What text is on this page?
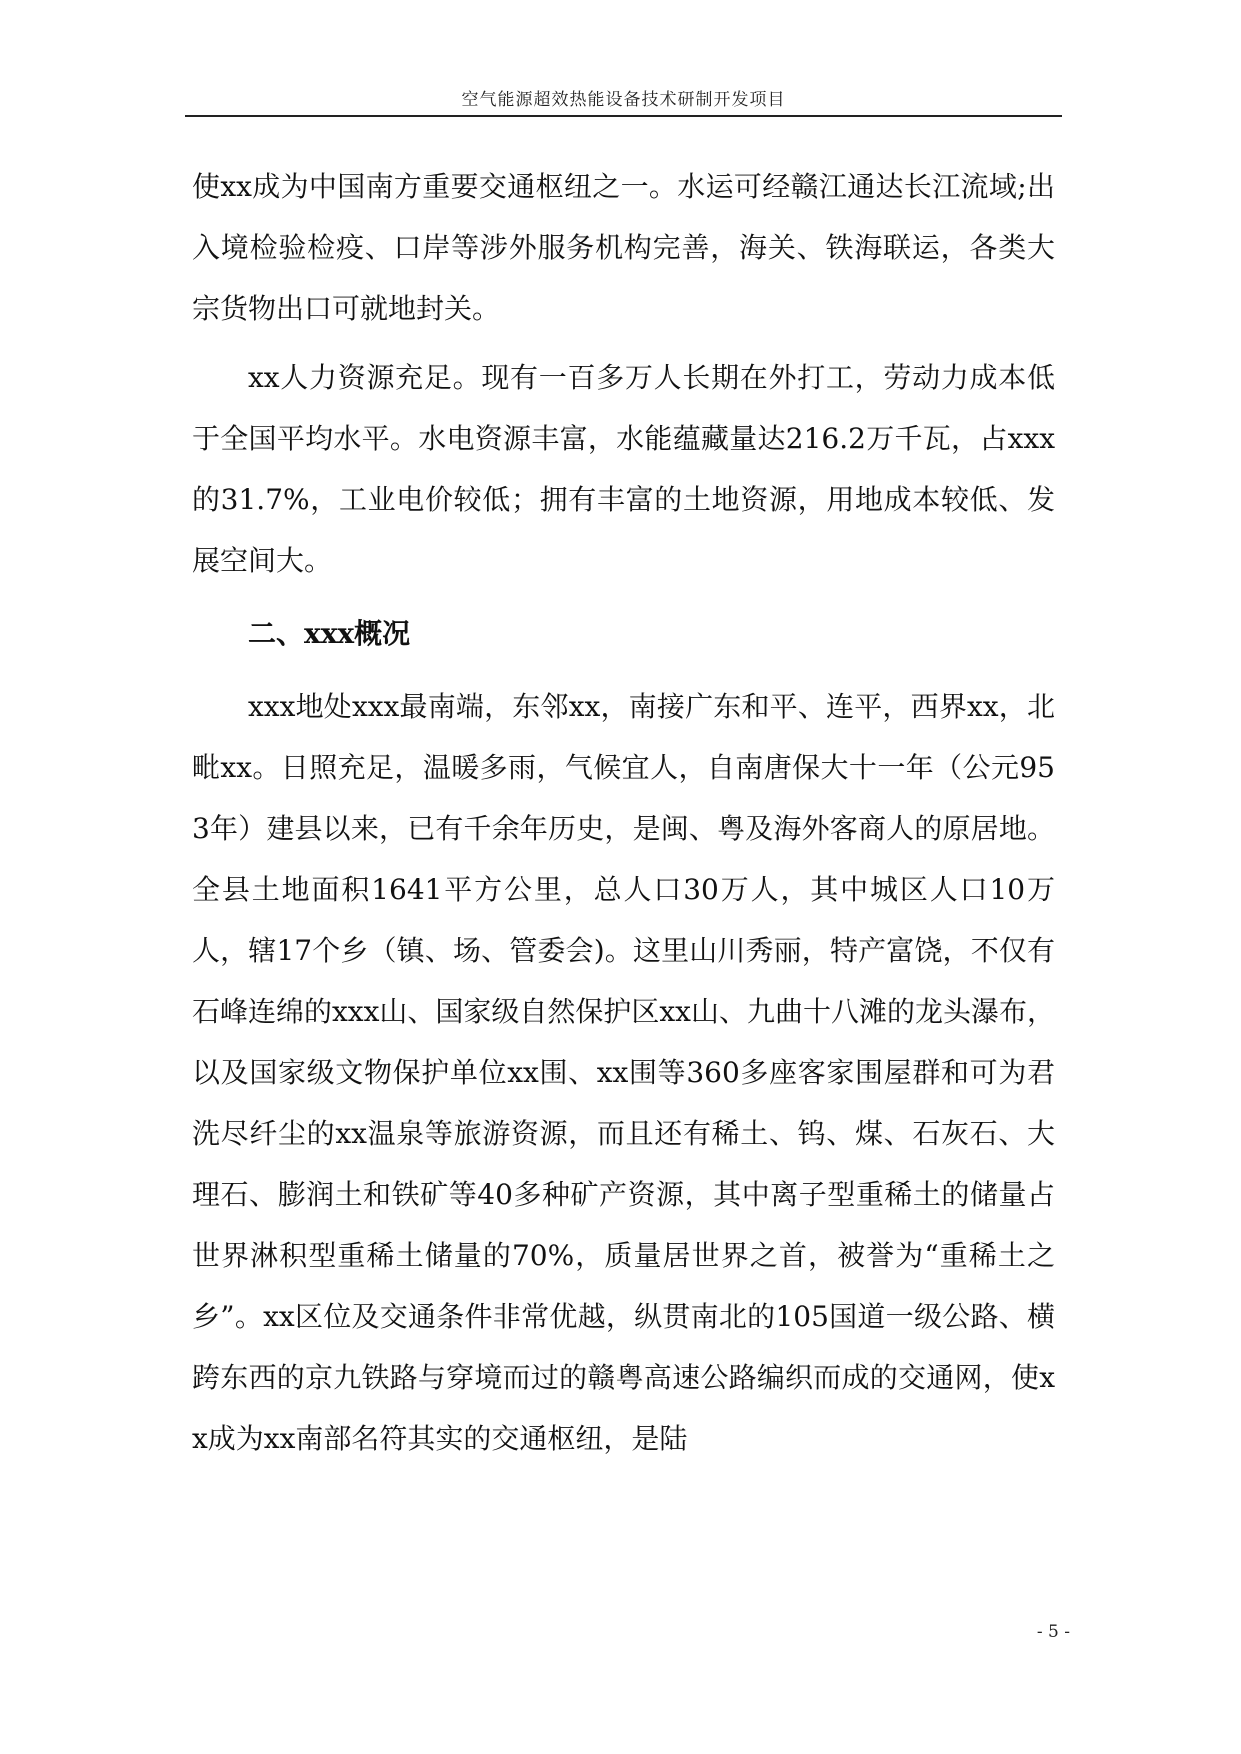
空气能源超效热能设备技术研制开发项目

使xx成为中国南方重要交通枢纽之一。水运可经赣江通达长江流域;出入境检验检疫、口岸等涉外服务机构完善，海关、铁海联运，各类大宗货物出口可就地封关。

xx人力资源充足。现有一百多万人长期在外打工，劳动力成本低于全国平均水平。水电资源丰富，水能蕴藏量达216.2万千瓦，占xxx的31.7%，工业电价较低；拥有丰富的土地资源，用地成本较低、发展空间大。

二、xxx概况

xxx地处xxx最南端，东邻xx，南接广东和平、连平，西界xx，北毗xx。日照充足，温暖多雨，气候宜人，自南唐保大十一年（公元953年）建县以来，已有千余年历史，是闽、粤及海外客商人的原居地。全县土地面积1641平方公里，总人口30万人，其中城区人口10万人，辖17个乡（镇、场、管委会)。这里山川秀丽，特产富饶，不仅有石峰连绵的xxx山、国家级自然保护区xx山、九曲十八滩的龙头瀑布，以及国家级文物保护单位xx围、xx围等360多座客家围屋群和可为君洗尽纤尘的xx温泉等旅游资源，而且还有稀土、钨、煤、石灰石、大理石、膨润土和铁矿等40多种矿产资源，其中离子型重稀土的储量占世界淋积型重稀土储量的70%，质量居世界之首，被誉为“重稀土之乡”。xx区位及交通条件非常优越，纵贯南北的105国道一级公路、横跨东西的京九铁路与穿境而过的赣粤高速公路编织而成的交通网，使xx成为xx南部名符其实的交通枢纽，是陆

- 5 -
